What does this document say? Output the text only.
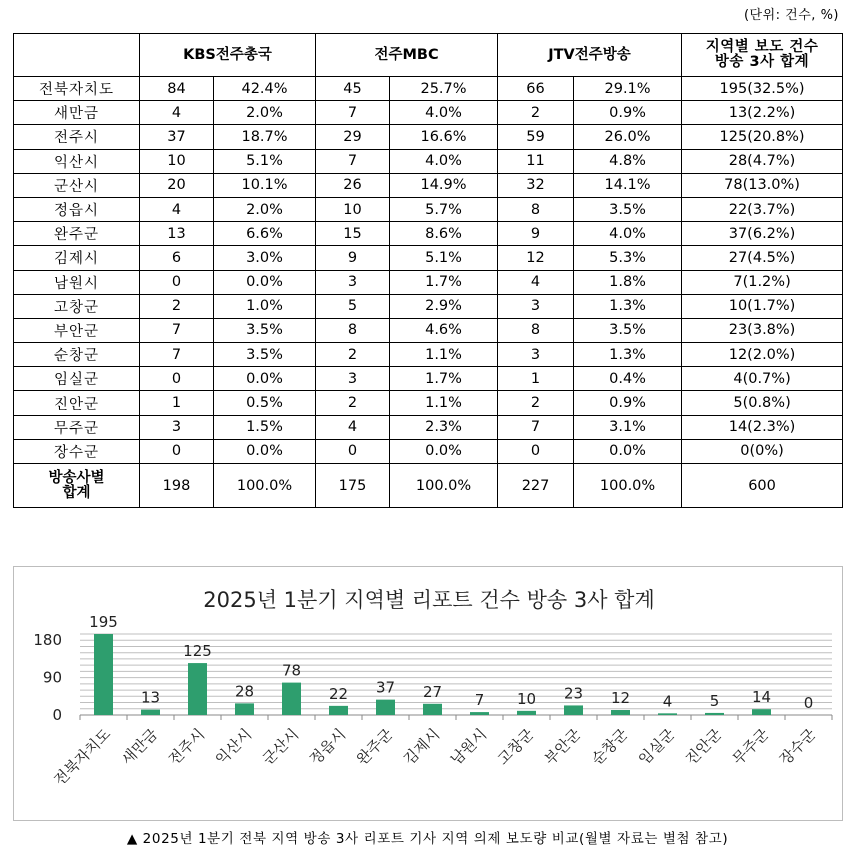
(단위: 건수, %)
	KBS전주총국		전주MBC		JTV전주방송		지역별 보도 건수
방송 3사 합계

전북자치도	84	42.4%	45	25.7%	66	29.1%	195(32.5%)
새만금	4	2.0%	7	4.0%	2	0.9%	13(2.2%)
전주시	37	18.7%	29	16.6%	59	26.0%	125(20.8%)
익산시	10	5.1%	7	4.0%	11	4.8%	28(4.7%)
군산시	20	10.1%	26	14.9%	32	14.1%	78(13.0%)
정읍시	4	2.0%	10	5.7%	8	3.5%	22(3.7%)
완주군	13	6.6%	15	8.6%	9	4.0%	37(6.2%)
김제시	6	3.0%	9	5.1%	12	5.3%	27(4.5%)
남원시	0	0.0%	3	1.7%	4	1.8%	7(1.2%)
고창군	2	1.0%	5	2.9%	3	1.3%	10(1.7%)
부안군	7	3.5%	8	4.6%	8	3.5%	23(3.8%)
순창군	7	3.5%	2	1.1%	3	1.3%	12(2.0%)
임실군	0	0.0%	3	1.7%	1	0.4%	4(0.7%)
진안군	1	0.5%	2	1.1%	2	0.9%	5(0.8%)
무주군	3	1.5%	4	2.3%	7	3.1%	14(2.3%)
장수군	0	0.0%	0	0.0%	0	0.0%	0(0%)

방송사별
합계	198	100.0%	175	100.0%	227	100.0%	600
2025년 1분기 지역별 리포트 건수 방송 3사 합계
0
90
180
195
전북자치도
13
새만금
125
전주시
28
익산시
78
군산시
22
정읍시
37
완주군
27
김제시
7
남원시
10
고창군
23
부안군
12
순창군
4
임실군
5
진안군
14
무주군
0
장수군
▲ 2025년 1분기 전북 지역 방송 3사 리포트 기사 지역 의제 보도량 비교(월별 자료는 별첨 참고)
